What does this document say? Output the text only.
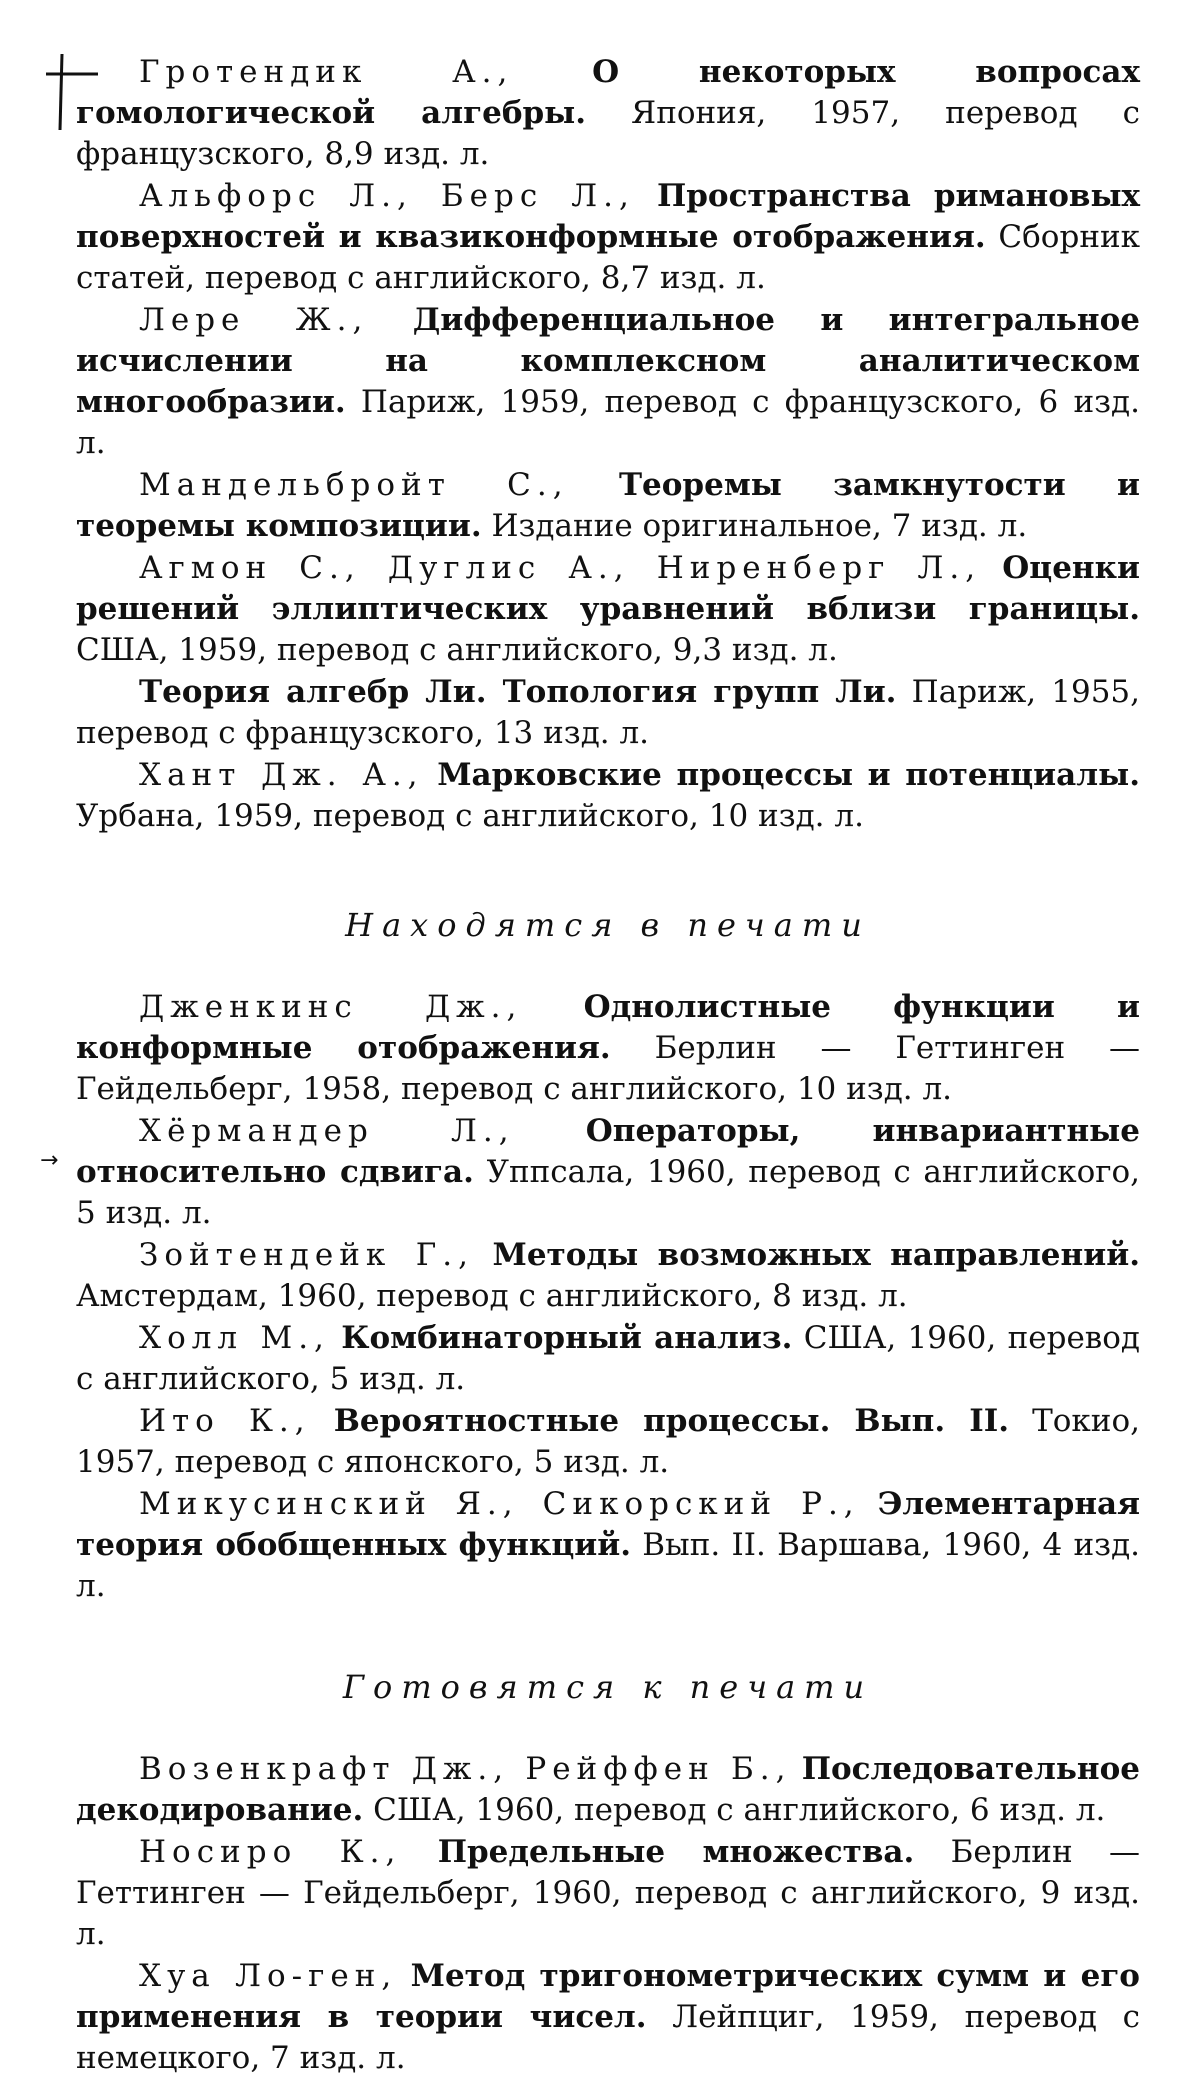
→

Гротендик А.,	О некоторых вопросах гомологической алгебры. Япония, 1957, перевод с французского, 8,9 изд. л.

Альфорс Л., Берс Л., Пространства римановых поверхностей и квазиконформные отображения. Сборник статей, перевод с английского, 8,7 изд. л.

Лере Ж., Дифференциальное и интегральное исчислении на комплексном аналитическом многообразии. Париж, 1959, перевод с французского, 6 изд. л.

Мандельбройт С., Теоремы замкнутости и теоремы композиции. Издание оригинальное, 7 изд. л.

Агмон С., Дуглис А., Ниренберг Л., Оценки решений эллиптических уравнений вблизи границы. США, 1959, перевод с английского, 9,3 изд. л.

Теория алгебр Ли. Топология групп Ли. Париж, 1955, перевод с французского, 13 изд. л.

Хант Дж. А., Марковские процессы и потенциалы. Урбана, 1959, перевод с английского, 10 изд. л.

Находятся в печати

Дженкинс Дж., Однолистные функции и конформные отображения. Берлин — Геттинген — Гейдельберг, 1958, перевод с английского, 10 изд. л.

Хёрмандер Л., Операторы, инвариантные относительно сдвига. Уппсала, 1960, перевод с английского, 5 изд. л.

Зойтендейк Г., Методы возможных направлений. Амстердам, 1960, перевод с английского, 8 изд. л.

Холл М., Комбинаторный анализ. США, 1960, перевод с английского, 5 изд. л.

Ито К., Вероятностные процессы. Вып. II. Токио, 1957, перевод с японского, 5 изд. л.

Микусинский Я., Сикорский Р., Элементарная теория обобщенных функций. Вып. II. Варшава, 1960, 4 изд. л.

Готовятся к печати

Возенкрафт Дж., Рейффен Б., Последовательное декодирование. США, 1960, перевод с английского, 6 изд. л.

Носиро К., Предельные множества. Берлин — Геттинген — Гейдельберг, 1960, перевод с английского, 9 изд. л.

Хуа Ло-ген, Метод тригонометрических сумм и его применения в теории чисел. Лейпциг, 1959, перевод с немецкого, 7 изд. л.
